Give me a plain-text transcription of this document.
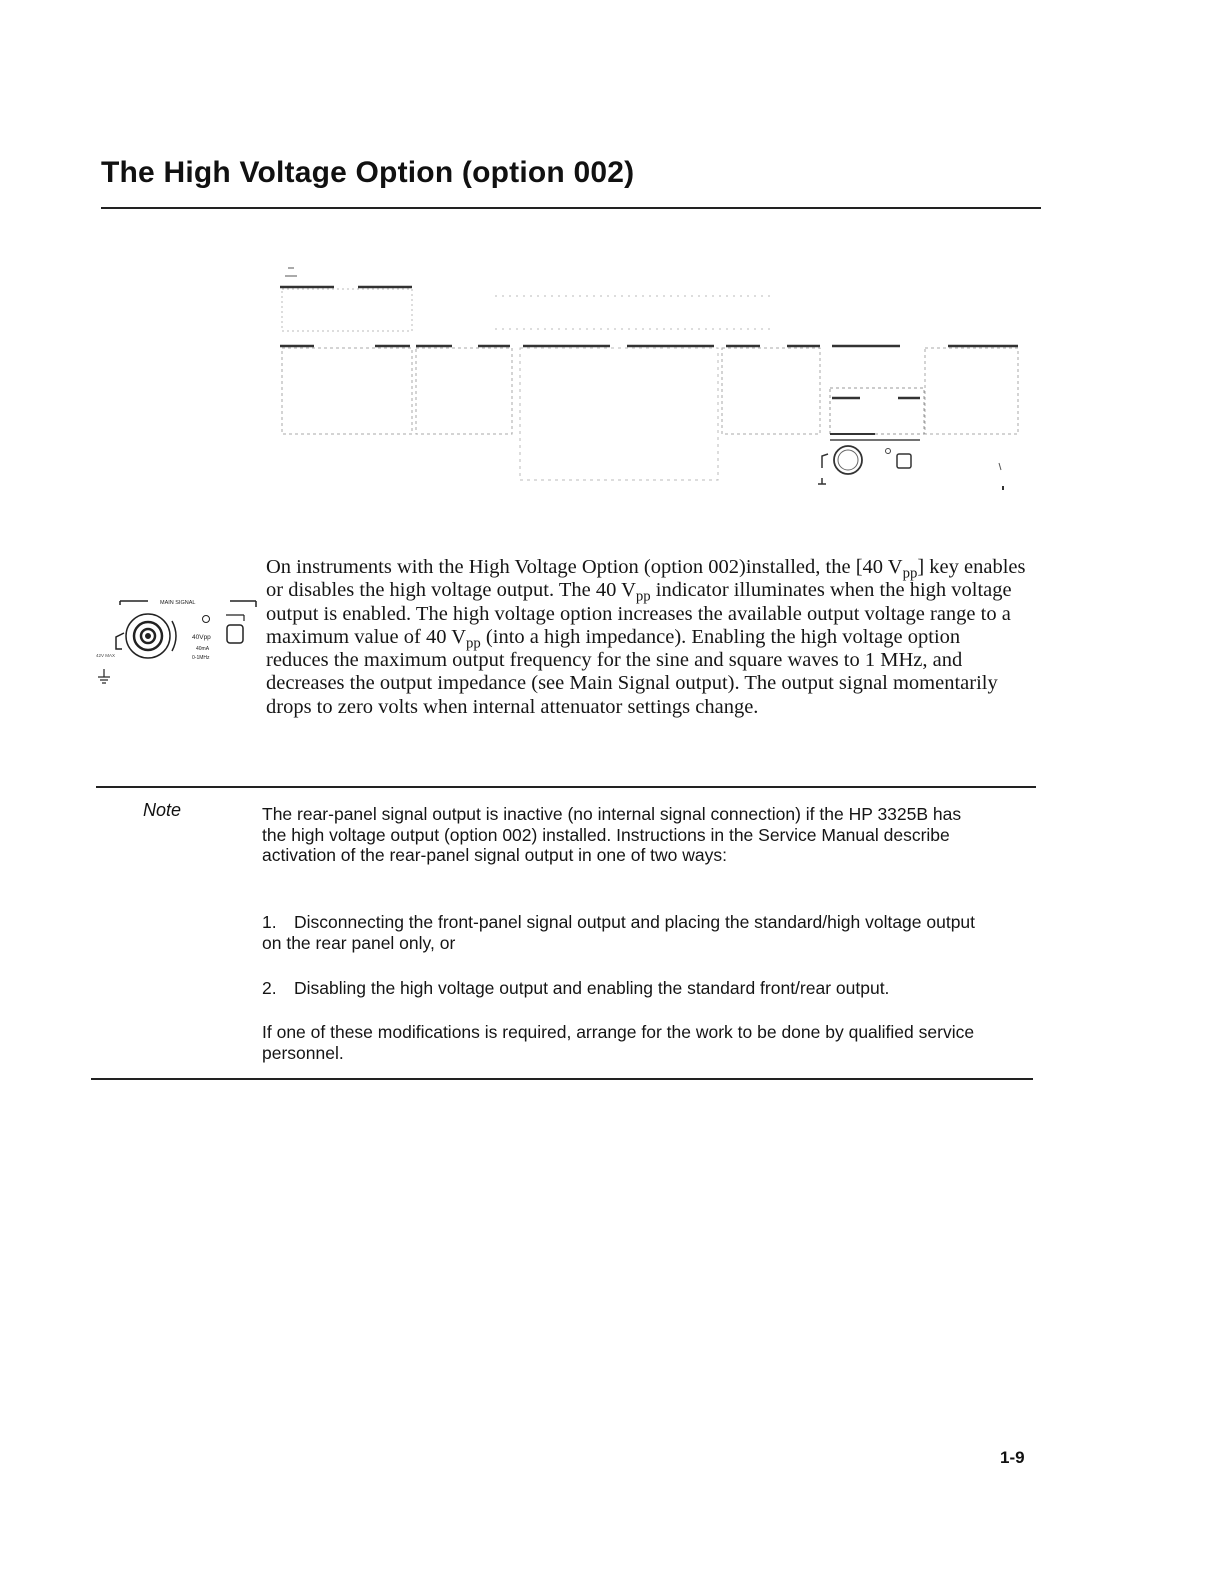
The High Voltage Option (option 002)
MAIN SIGNAL
40Vpp
40mA
0-1MHz
42V MAX

On instruments with the High Voltage Option (option 002)installed, the [40 $V_{pp}$] key enables or disables the high voltage output. The 40 $V_{pp}$ indicator illuminates when the high voltage output is enabled. The high voltage option increases the available output voltage range to a maximum value of 40 $V_{pp}$ (into a high impedance). Enabling the high voltage option reduces the maximum output frequency for the sine and square waves to 1 MHz, and decreases the output impedance (see Main Signal output). The output signal momentarily drops to zero volts when internal attenuator settings change.

Note	The rear-panel signal output is inactive (no internal signal connection) if the HP 3325B has the high voltage output (option 002) installed. Instructions in the Service Manual describe activation of the rear-panel signal output in one of two ways:

1. Disconnecting the front-panel signal output and placing the standard/high voltage output on the rear panel only, or

2. Disabling the high voltage output and enabling the standard front/rear output.

If one of these modifications is required, arrange for the work to be done by qualified service personnel.

1-9
